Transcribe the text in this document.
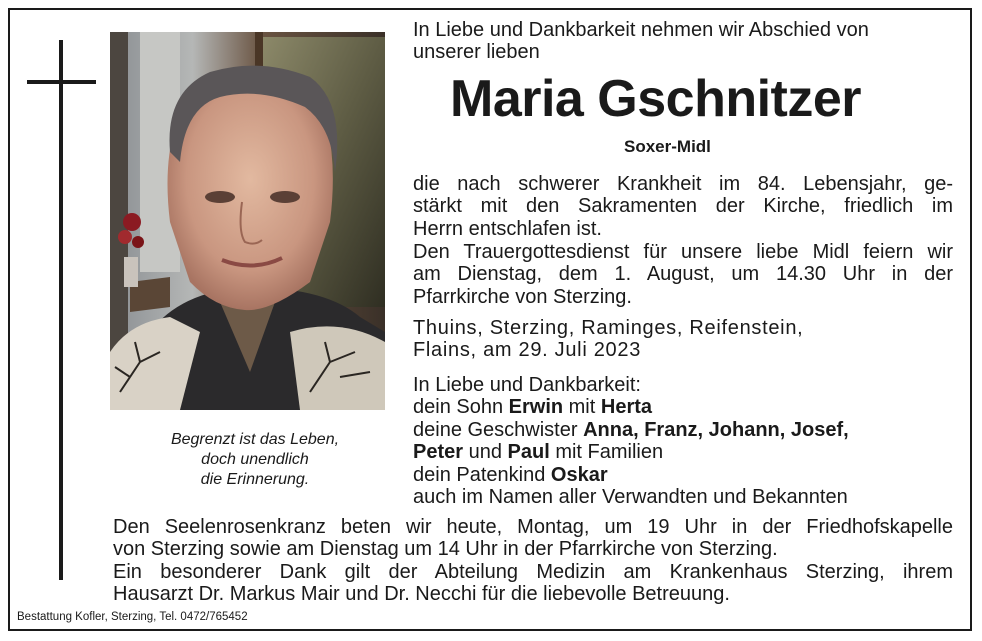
Begrenzt ist das Leben,
doch unendlich
die Erinnerung.
In Liebe und Dankbarkeit nehmen wir Abschied von
unserer lieben
Maria Gschnitzer
Soxer-Midl
die nach schwerer Krankheit im 84. Lebensjahr, ge-
stärkt mit den Sakramenten der Kirche, friedlich im
Herrn entschlafen ist.
Den Trauergottesdienst für unsere liebe Midl feiern wir
am Dienstag, dem 1. August, um 14.30 Uhr in der
Pfarrkirche von Sterzing.
Thuins, Sterzing, Raminges, Reifenstein,
Flains, am 29. Juli 2023
In Liebe und Dankbarkeit:
dein Sohn Erwin mit Herta
deine Geschwister Anna, Franz, Johann, Josef,
Peter und Paul mit Familien
dein Patenkind Oskar
auch im Namen aller Verwandten und Bekannten
Den Seelenrosenkranz beten wir heute, Montag, um 19 Uhr in der Friedhofskapelle
von Sterzing sowie am Dienstag um 14 Uhr in der Pfarrkirche von Sterzing.
Ein besonderer Dank gilt der Abteilung Medizin am Krankenhaus Sterzing, ihrem
Hausarzt Dr. Markus Mair und Dr. Necchi für die liebevolle Betreuung.
Bestattung Kofler, Sterzing, Tel. 0472/765452
